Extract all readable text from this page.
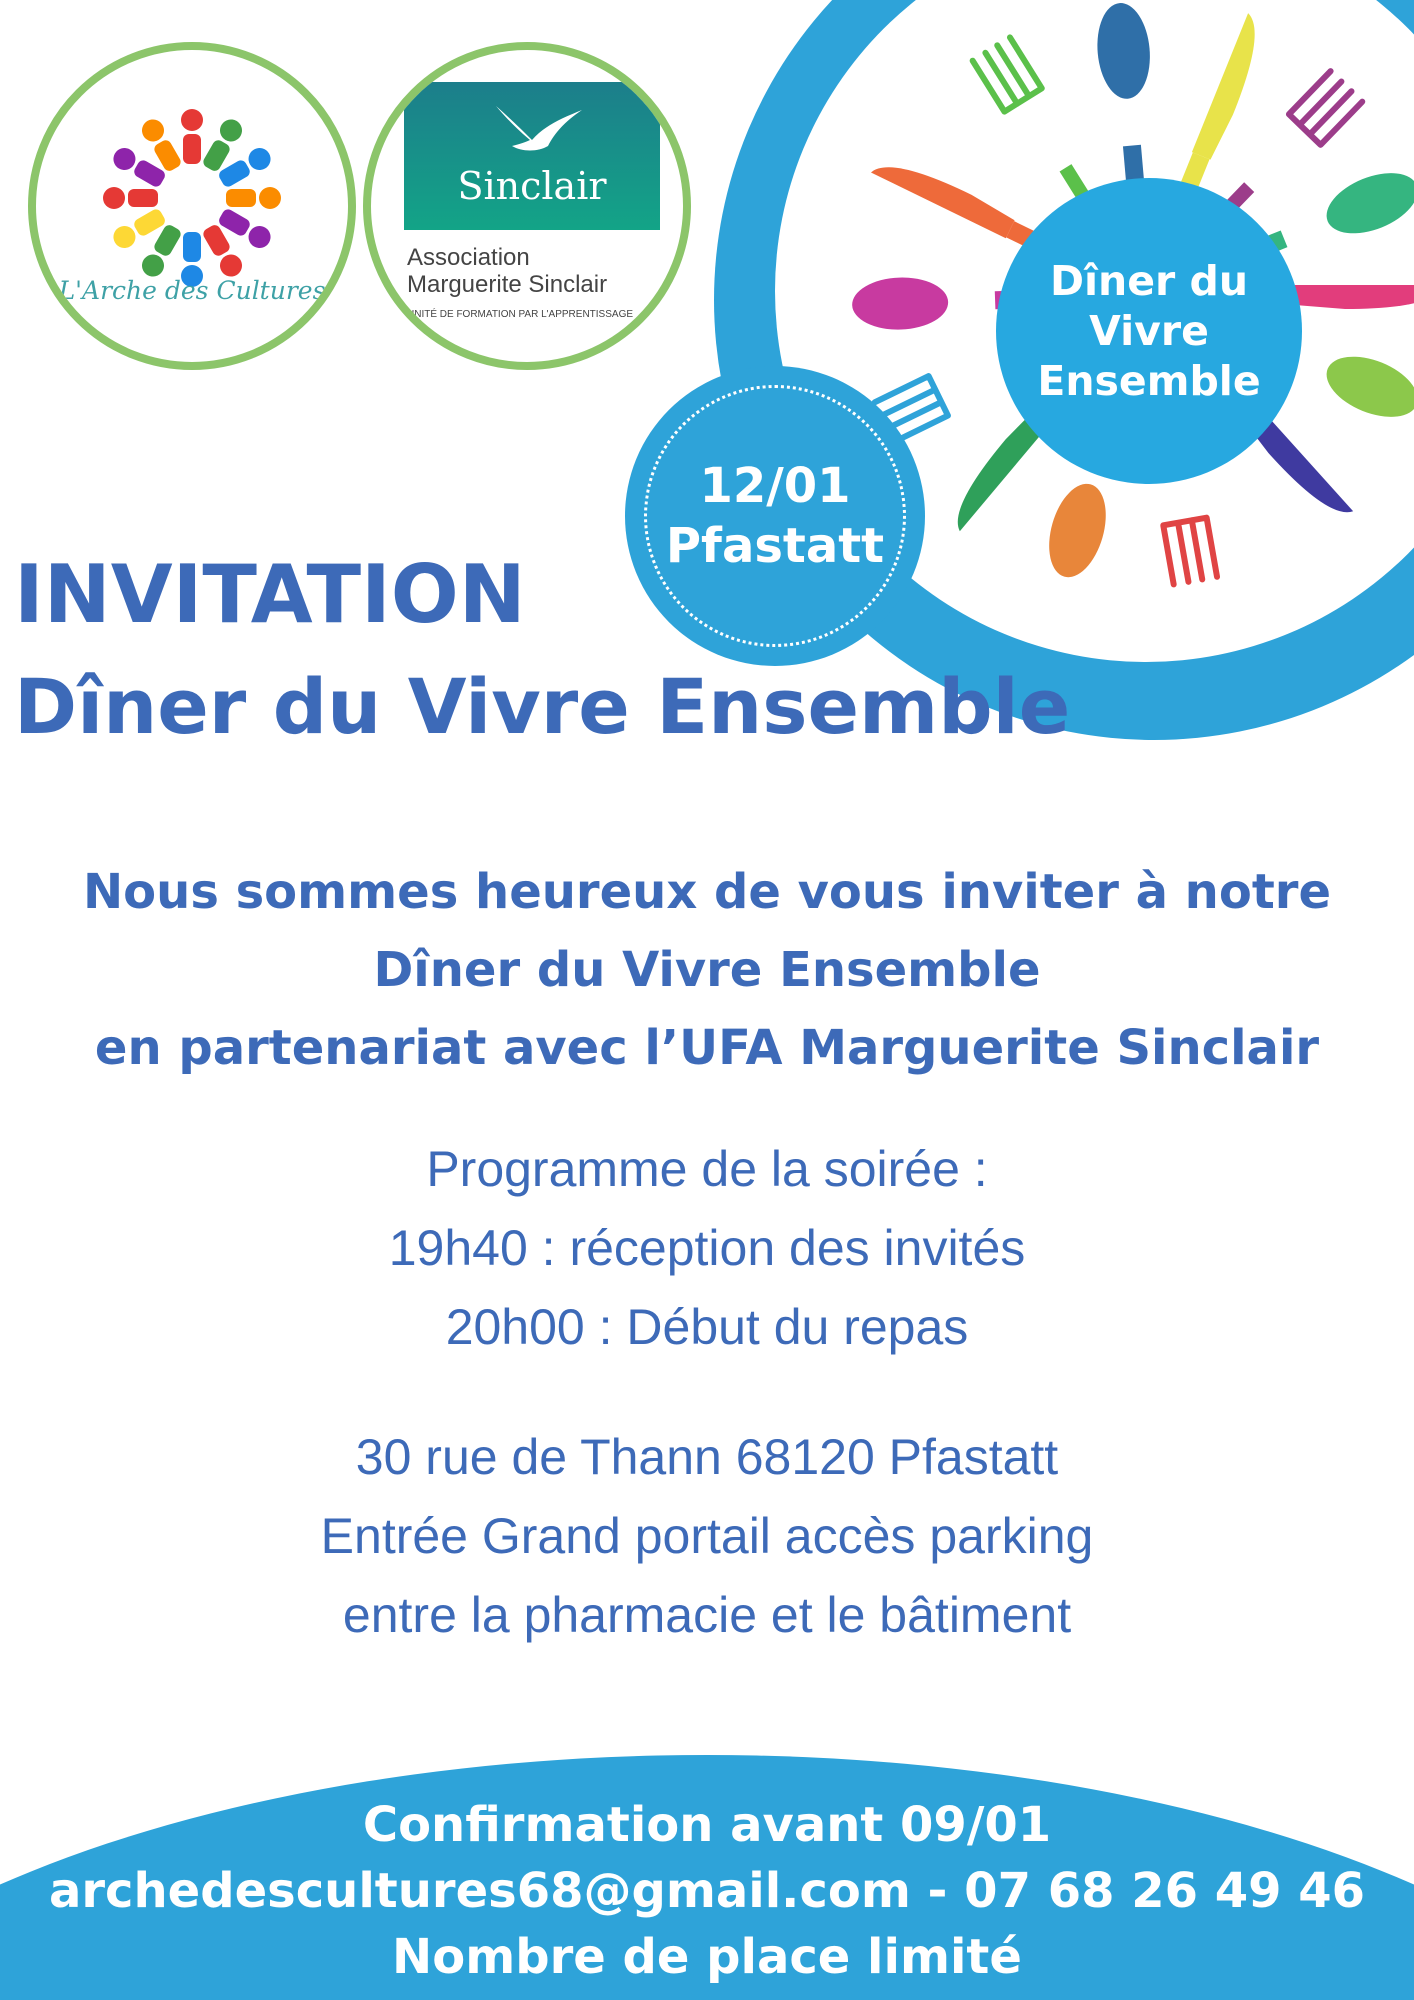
L'Arche des Cultures
Sinclair
Association
Marguerite Sinclair
UNITÉ DE FORMATION PAR L'APPRENTISSAGE
Dîner du
Vivre
Ensemble
12/01
Pfastatt
INVITATION
Dîner du Vivre Ensemble
Nous sommes heureux de vous inviter à notre
Dîner du Vivre Ensemble
en partenariat avec l’UFA Marguerite Sinclair
Programme de la soirée :
19h40 : réception des invités
20h00 : Début du repas
30 rue de Thann 68120 Pfastatt
Entrée Grand portail accès parking
entre la pharmacie et le bâtiment
Confirmation avant 09/01
archedescultures68@gmail.com - 07 68 26 49 46
Nombre de place limité
